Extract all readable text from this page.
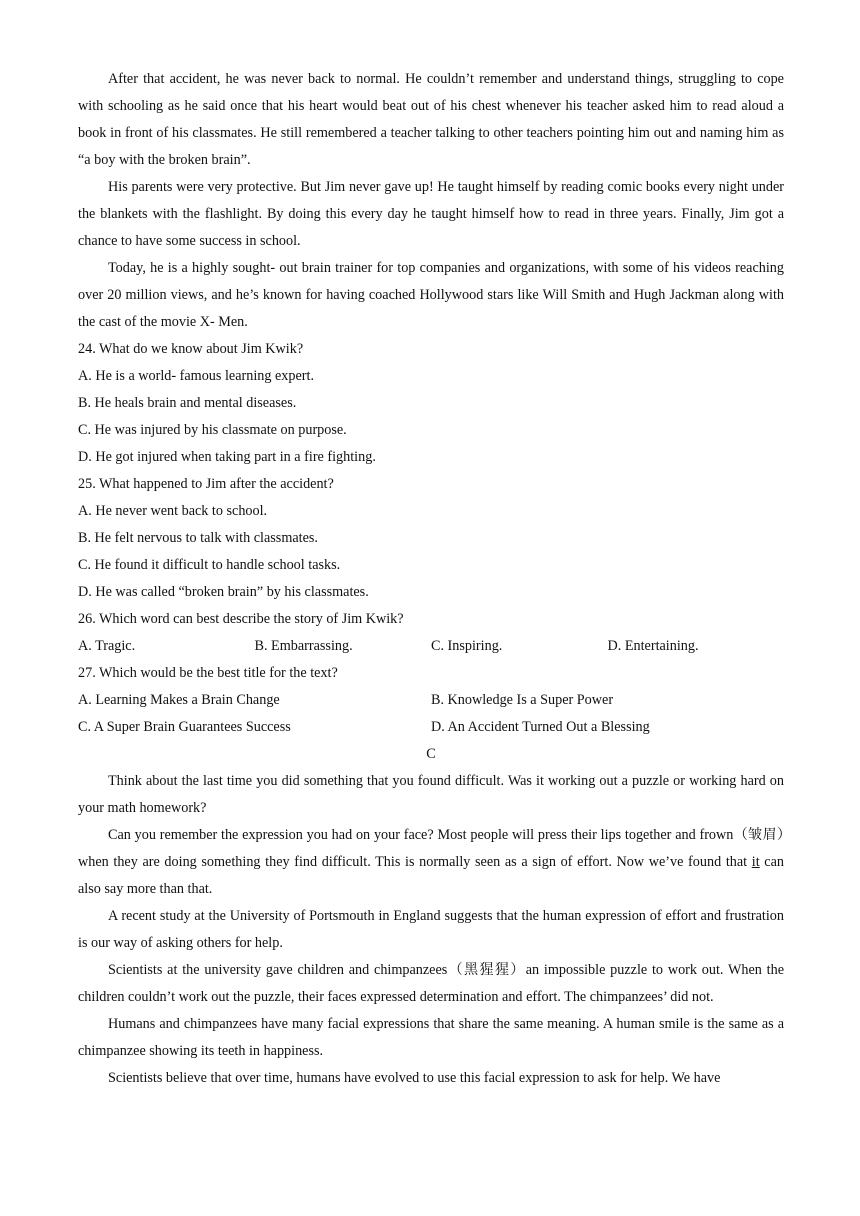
After that accident, he was never back to normal. He couldn’t remember and understand things, struggling to cope with schooling as he said once that his heart would beat out of his chest whenever his teacher asked him to read aloud a book in front of his classmates. He still remembered a teacher talking to other teachers pointing him out and naming him as “a boy with the broken brain”.

His parents were very protective. But Jim never gave up! He taught himself by reading comic books every night under the blankets with the flashlight. By doing this every day he taught himself how to read in three years. Finally, Jim got a chance to have some success in school.

Today, he is a highly sought- out brain trainer for top companies and organizations, with some of his videos reaching over 20 million views, and he’s known for having coached Hollywood stars like Will Smith and Hugh Jackman along with the cast of the movie X- Men.

24. What do we know about Jim Kwik?

A. He is a world- famous learning expert.

B. He heals brain and mental diseases.

C. He was injured by his classmate on purpose.

D. He got injured when taking part in a fire fighting.

25. What happened to Jim after the accident?

A. He never went back to school.

B. He felt nervous to talk with classmates.

C. He found it difficult to handle school tasks.

D. He was called “broken brain” by his classmates.

26. Which word can best describe the story of Jim Kwik?

A. Tragic.	B. Embarrassing.	C. Inspiring.	D. Entertaining.

27. Which would be the best title for the text?

A. Learning Makes a Brain Change	B. Knowledge Is a Super Power
C. A Super Brain Guarantees Success	D. An Accident Turned Out a Blessing

C

Think about the last time you did something that you found difficult. Was it working out a puzzle or working hard on your math homework?

Can you remember the expression you had on your face? Most people will press their lips together and frown（皱眉）when they are doing something they find difficult. This is normally seen as a sign of effort. Now we’ve found that it can also say more than that.

A recent study at the University of Portsmouth in England suggests that the human expression of effort and frustration is our way of asking others for help.

Scientists at the university gave children and chimpanzees（黑猩猩）an impossible puzzle to work out. When the children couldn’t work out the puzzle, their faces expressed determination and effort. The chimpanzees’ did not.

Humans and chimpanzees have many facial expressions that share the same meaning. A human smile is the same as a chimpanzee showing its teeth in happiness.

Scientists believe that over time, humans have evolved to use this facial expression to ask for help. We have
